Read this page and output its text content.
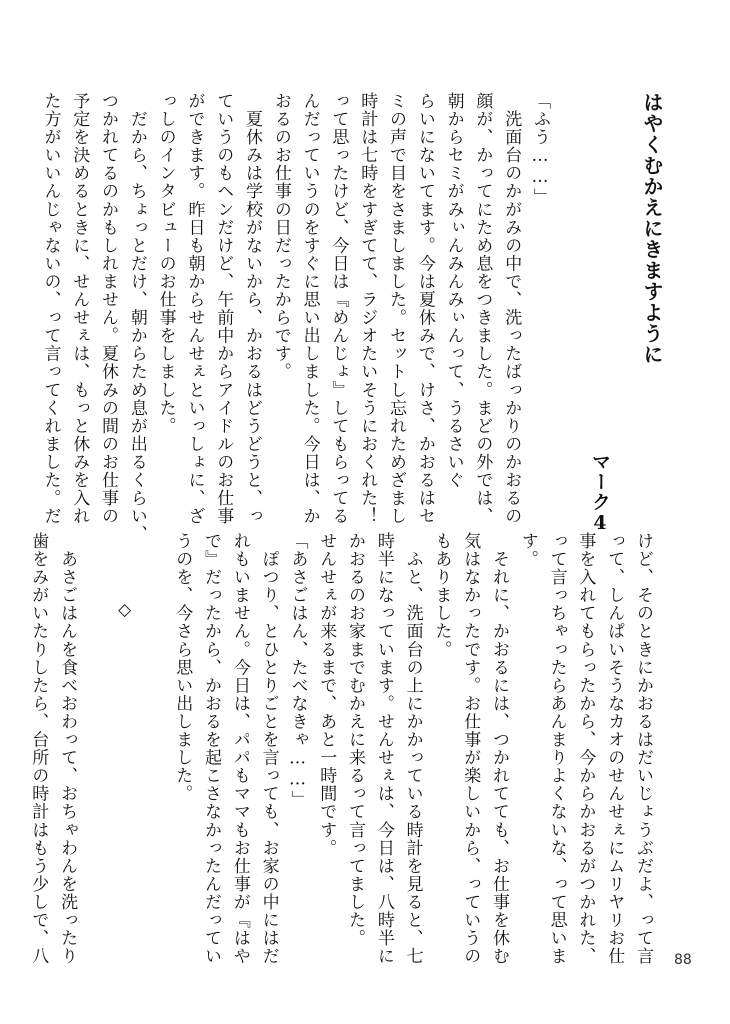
はやくむかえにきますように
マーク4
「ふう……」
　洗面台のかがみの中で、洗ったばっかりのかおるの
顔が、かってにため息をつきました。まどの外では、
朝からセミがみぃんみんみぃんって、うるさいぐ
らいにないてます。今は夏休みで、けさ、かおるはセ
ミの声で目をさましました。セットし忘れためざまし
時計は七時をすぎてて、ラジオたいそうにおくれた！
って思ったけど、今日は『めんじょ』してもらってる
んだっていうのをすぐに思い出しました。今日は、か
おるのお仕事の日だったからです。
　夏休みは学校がないから、かおるはどうどうと、っ
ていうのもヘンだけど、午前中からアイドルのお仕事
ができます。昨日も朝からせんせぇといっしょに、ざ
っしのインタビューのお仕事をしました。
　だから、ちょっとだけ、朝からため息が出るくらい、
つかれてるのかもしれません。夏休みの間のお仕事の
予定を決めるときに、せんせぇは、もっと休みを入れ
た方がいいんじゃないの、って言ってくれました。だ
けど、そのときにかおるはだいじょうぶだよ、って言
って、しんぱいそうなカオのせんせぇにムリヤリお仕
事を入れてもらったから、今からかおるがつかれた、
って言っちゃったらあんまりよくないな、って思いま
す。
　それに、かおるには、つかれてても、お仕事を休む
気はなかったです。お仕事が楽しいから、っていうの
もありました。
　ふと、洗面台の上にかかっている時計を見ると、七
時半になっています。せんせぇは、今日は、八時半に
かおるのお家までむかえに来るって言ってました。
せんせぇが来るまで、あと一時間です。
「あさごはん、たべなきゃ……」
　ぽつり、とひとりごとを言っても、お家の中にはだ
れもいません。今日は、パパもママもお仕事が『はや
で』だったから、かおるを起こさなかったんだってい
うのを、今さら思い出しました。

◇

　あさごはんを食べおわって、おちゃわんを洗ったり
歯をみがいたりしたら、台所の時計はもう少しで、八	88
